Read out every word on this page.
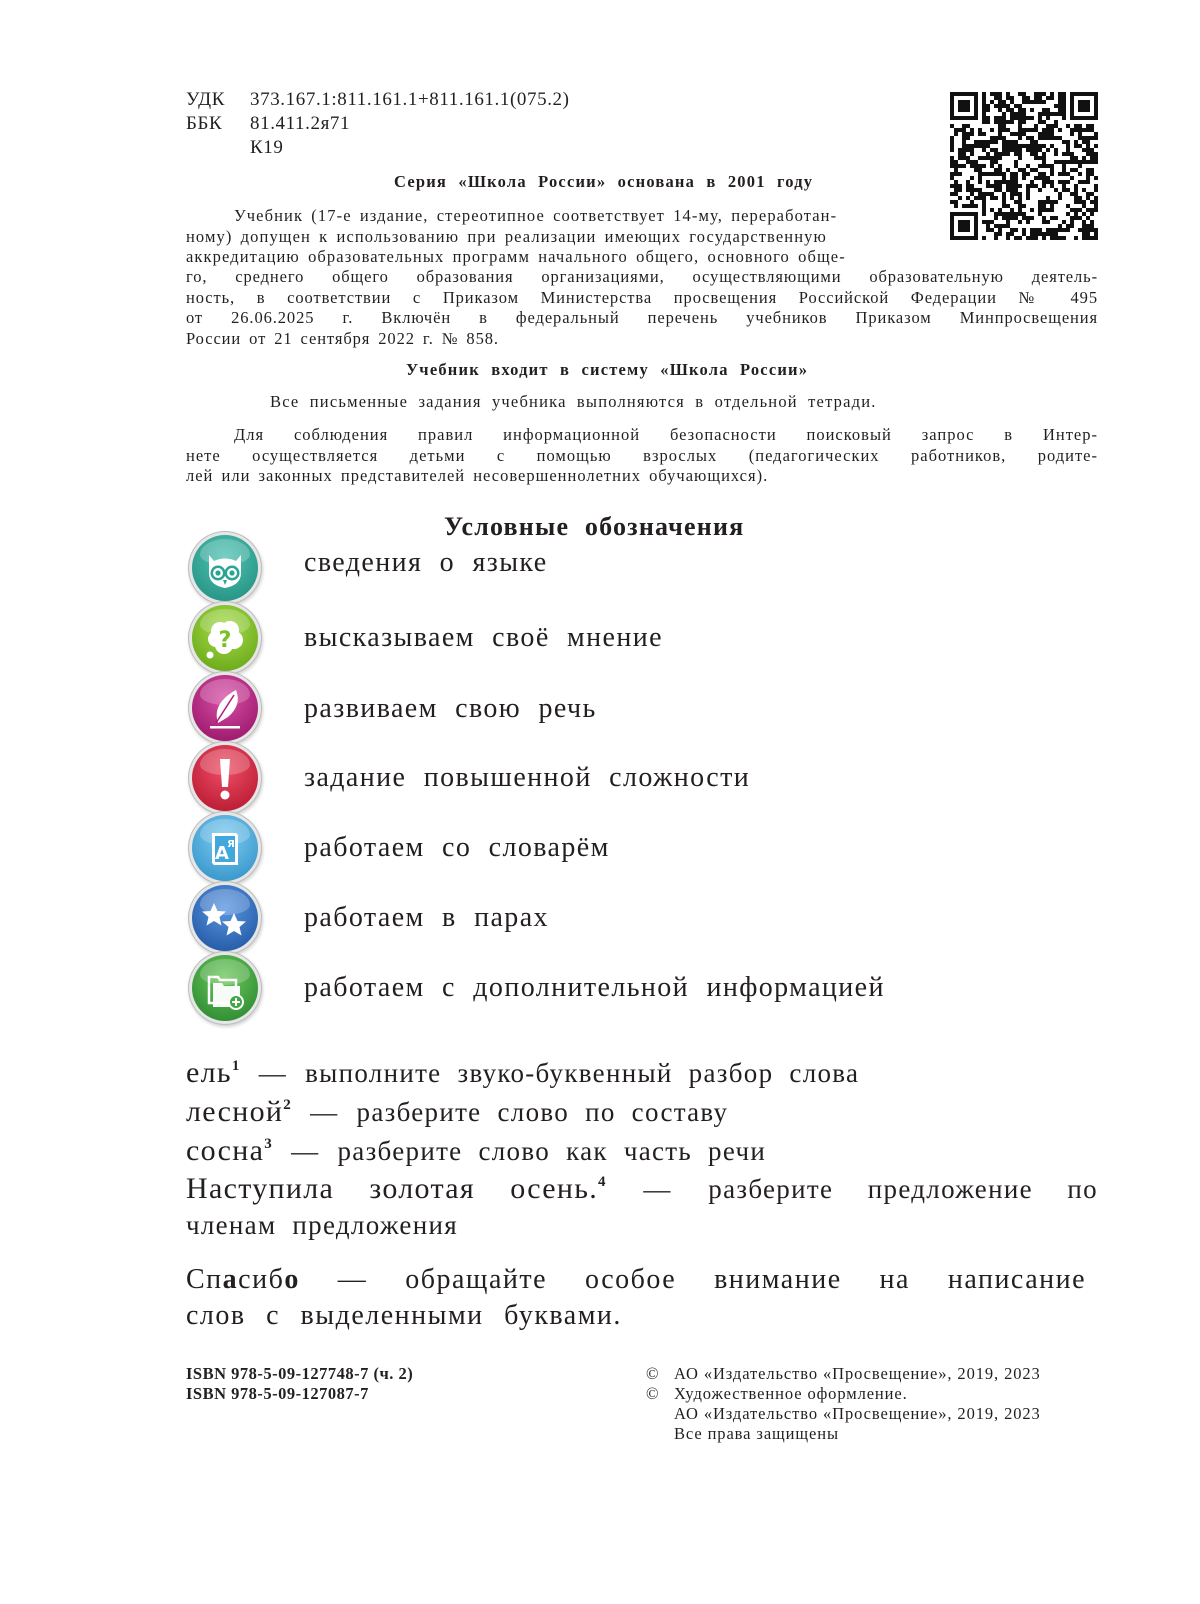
УДК 373.167.1:811.161.1+811.161.1(075.2)
ББК 81.411.2я71
К19
Серия «Школа России» основана в 2001 году
Учебник (17-е издание, стереотипное соответствует 14-му, переработан-
ному) допущен к использованию при реализации имеющих государственную
аккредитацию образовательных программ начального общего, основного обще-
го, среднего общего образования организациями, осуществляющими образовательную деятель-
ность, в соответствии с Приказом Министерства просвещения Российской Федерации № 495
от 26.06.2025 г. Включён в федеральный перечень учебников Приказом Минпросвещения
России от 21 сентября 2022 г. № 858.
Учебник входит в систему «Школа России»
Все письменные задания учебника выполняются в отдельной тетради.
Для соблюдения правил информационной безопасности поисковый запрос в Интер-
нете осуществляется детьми с помощью взрослых (педагогических работников, родите-
лей или законных представителей несовершеннолетних обучающихся).
Условные обозначения
сведения о языке
?	высказываем своё мнение
развиваем свою речь
задание повышенной сложности
A
Я работаем со словарём
работаем в парах
работаем с дополнительной информацией
ель$^1$ — выполните звуко-буквенный разбор слова
лесной$^2$ — разберите слово по составу
сосна$^3$ — разберите слово как часть речи
Наступила золотая осень.$^4$ — разберите предложение по
членам предложения
Спасибо — обращайте особое внимание на написание
слов с выделенными буквами.
ISBN 978-5-09-127748-7 (ч. 2)
ISBN 978-5-09-127087-7
© АО «Издательство «Просвещение», 2019, 2023
© Художественное оформление.
АО «Издательство «Просвещение», 2019, 2023
Все права защищены
